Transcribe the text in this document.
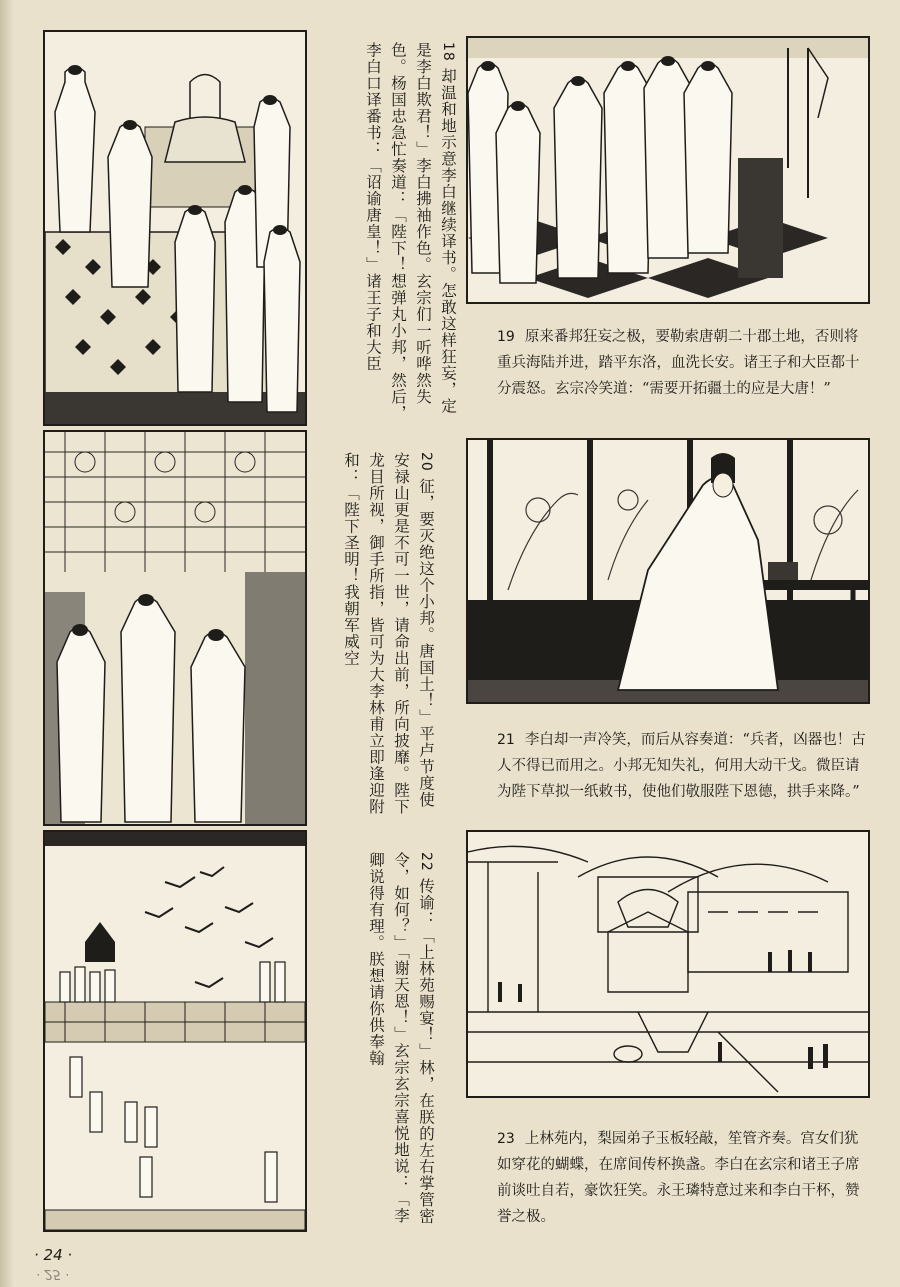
18 却温和地示意李白继续译书。怎敢这样狂妄，定是李白欺君！」李白拂袖作色。玄宗们一听哗然失色。杨国忠急忙奏道：「陛下！想弹丸小邦，然后，李白口译番书：「诏谕唐皇！」诸王子和大臣	19 原来番邦狂妄之极，要勒索唐朝二十郡土地，否则将重兵海陆并进，踏平东洛，血洗长安。诸王子和大臣都十分震怒。玄宗冷笑道：“需要开拓疆土的应是大唐！”
20 征，要灭绝这个小邦。唐国土！」平卢节度使安禄山更是不可一世，请命出前，所向披靡。陛下龙目所视，御手所指，皆可为大李林甫立即逢迎附和：「陛下圣明！我朝军威空
21 李白却一声冷笑，而后从容奏道：“兵者，凶器也！古人不得已而用之。小邦无知失礼，何用大动干戈。微臣请为陛下草拟一纸敕书，使他们敬服陛下恩德，拱手来降。”
22 传谕：「上林苑赐宴！」林，在朕的左右掌管密令，如何？」「谢天恩！」玄宗玄宗喜悦地说：「李卿说得有理。朕想请你供奉翰
23 上林苑内，梨园弟子玉板轻敲，笙管齐奏。宫女们犹如穿花的蝴蝶，在席间传杯换盏。李白在玄宗和诸王子席前谈吐自若，豪饮狂笑。永王璘特意过来和李白干杯，赞誉之极。
· 24 ·
· 25 ·
